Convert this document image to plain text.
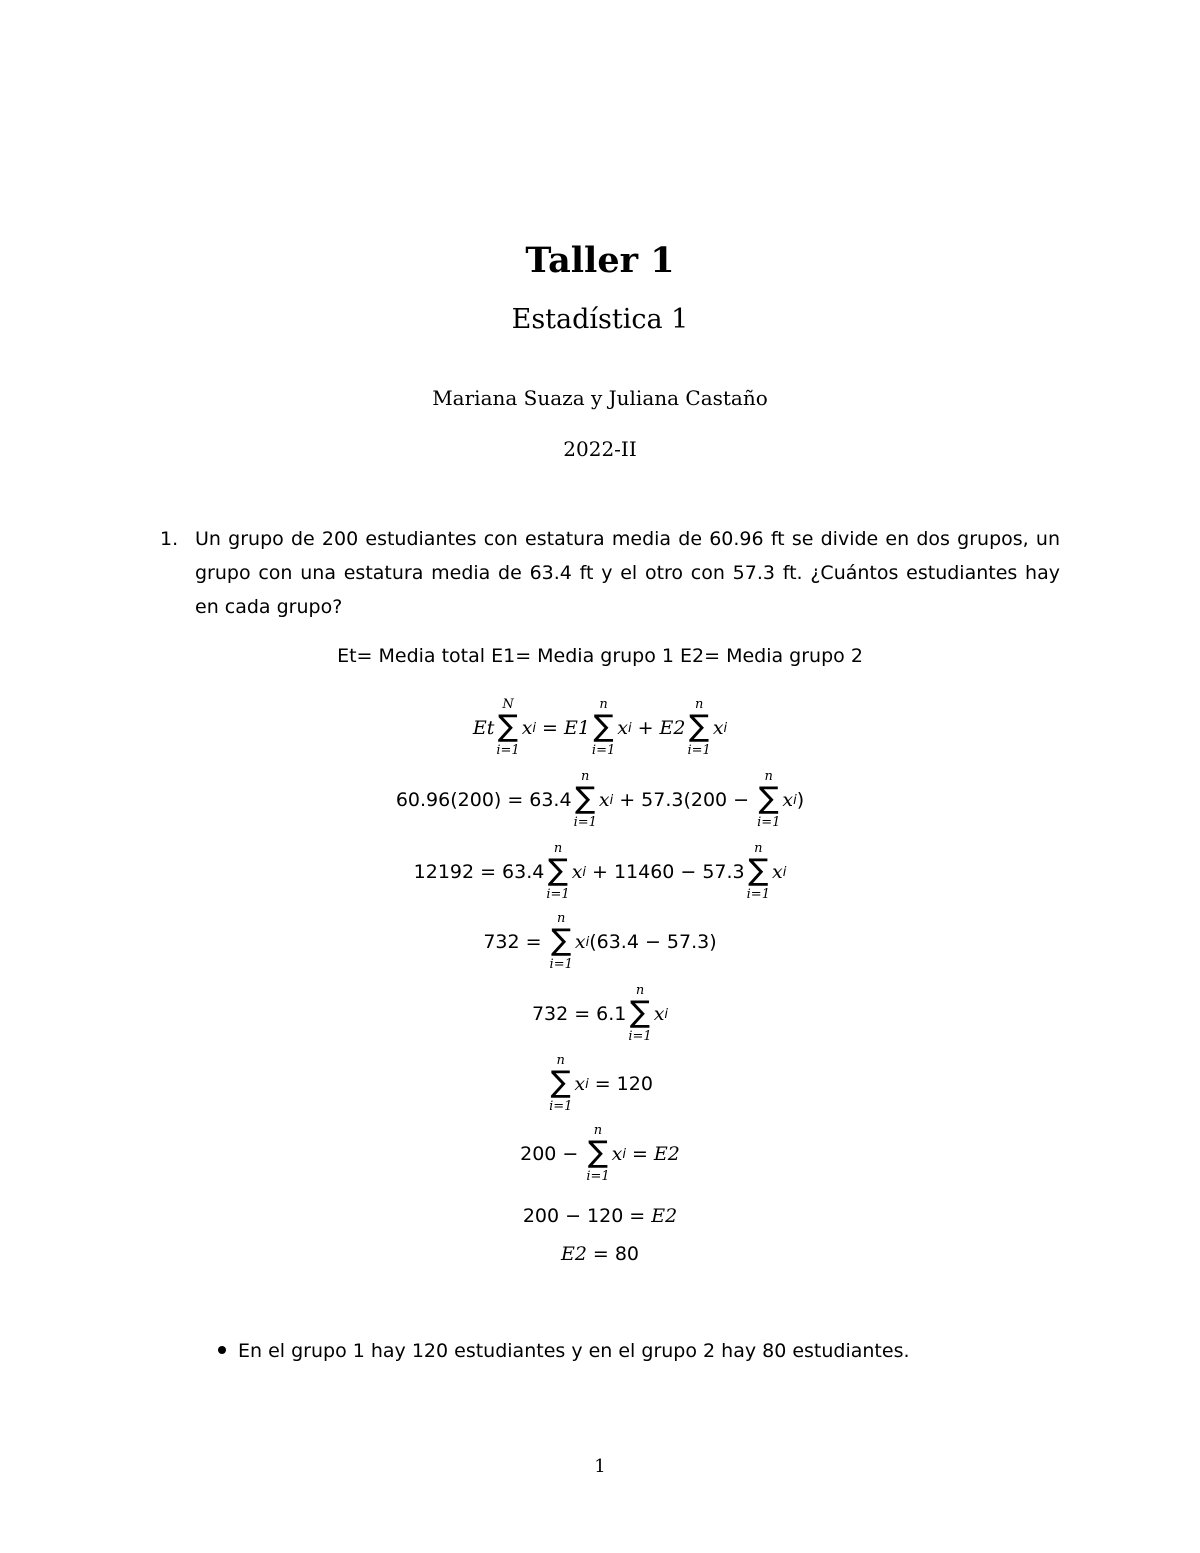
Taller 1
Estadística 1
Mariana Suaza y Juliana Castaño
2022-II
1. Un grupo de 200 estudiantes con estatura media de 60.96 ft se divide en dos grupos, un grupo con una estatura media de 63.4 ft y el otro con 57.3 ft. ¿Cuántos estudiantes hay en cada grupo?
Et= Media total E1= Media grupo 1 E2= Media grupo 2
Et
N
∑
i=1
x i = E1
n
∑
i=1
x i + E2
n
∑
i=1
x i
60.96(200) = 63.4
n
∑
i=1
x i + 57.3(200 −
n
∑
i=1
x i )
12192 = 63.4
n
∑
i=1
x i + 11460 − 57.3
n
∑
i=1
x i
732 =
n
∑
i=1
x i (63.4 − 57.3)
732 = 6.1
n
∑
i=1
x i
n
∑
i=1
x i = 120
200 −
n
∑
i=1
x i = E2
200 − 120 = E2
E2 = 80
En el grupo 1 hay 120 estudiantes y en el grupo 2 hay 80 estudiantes.
1
